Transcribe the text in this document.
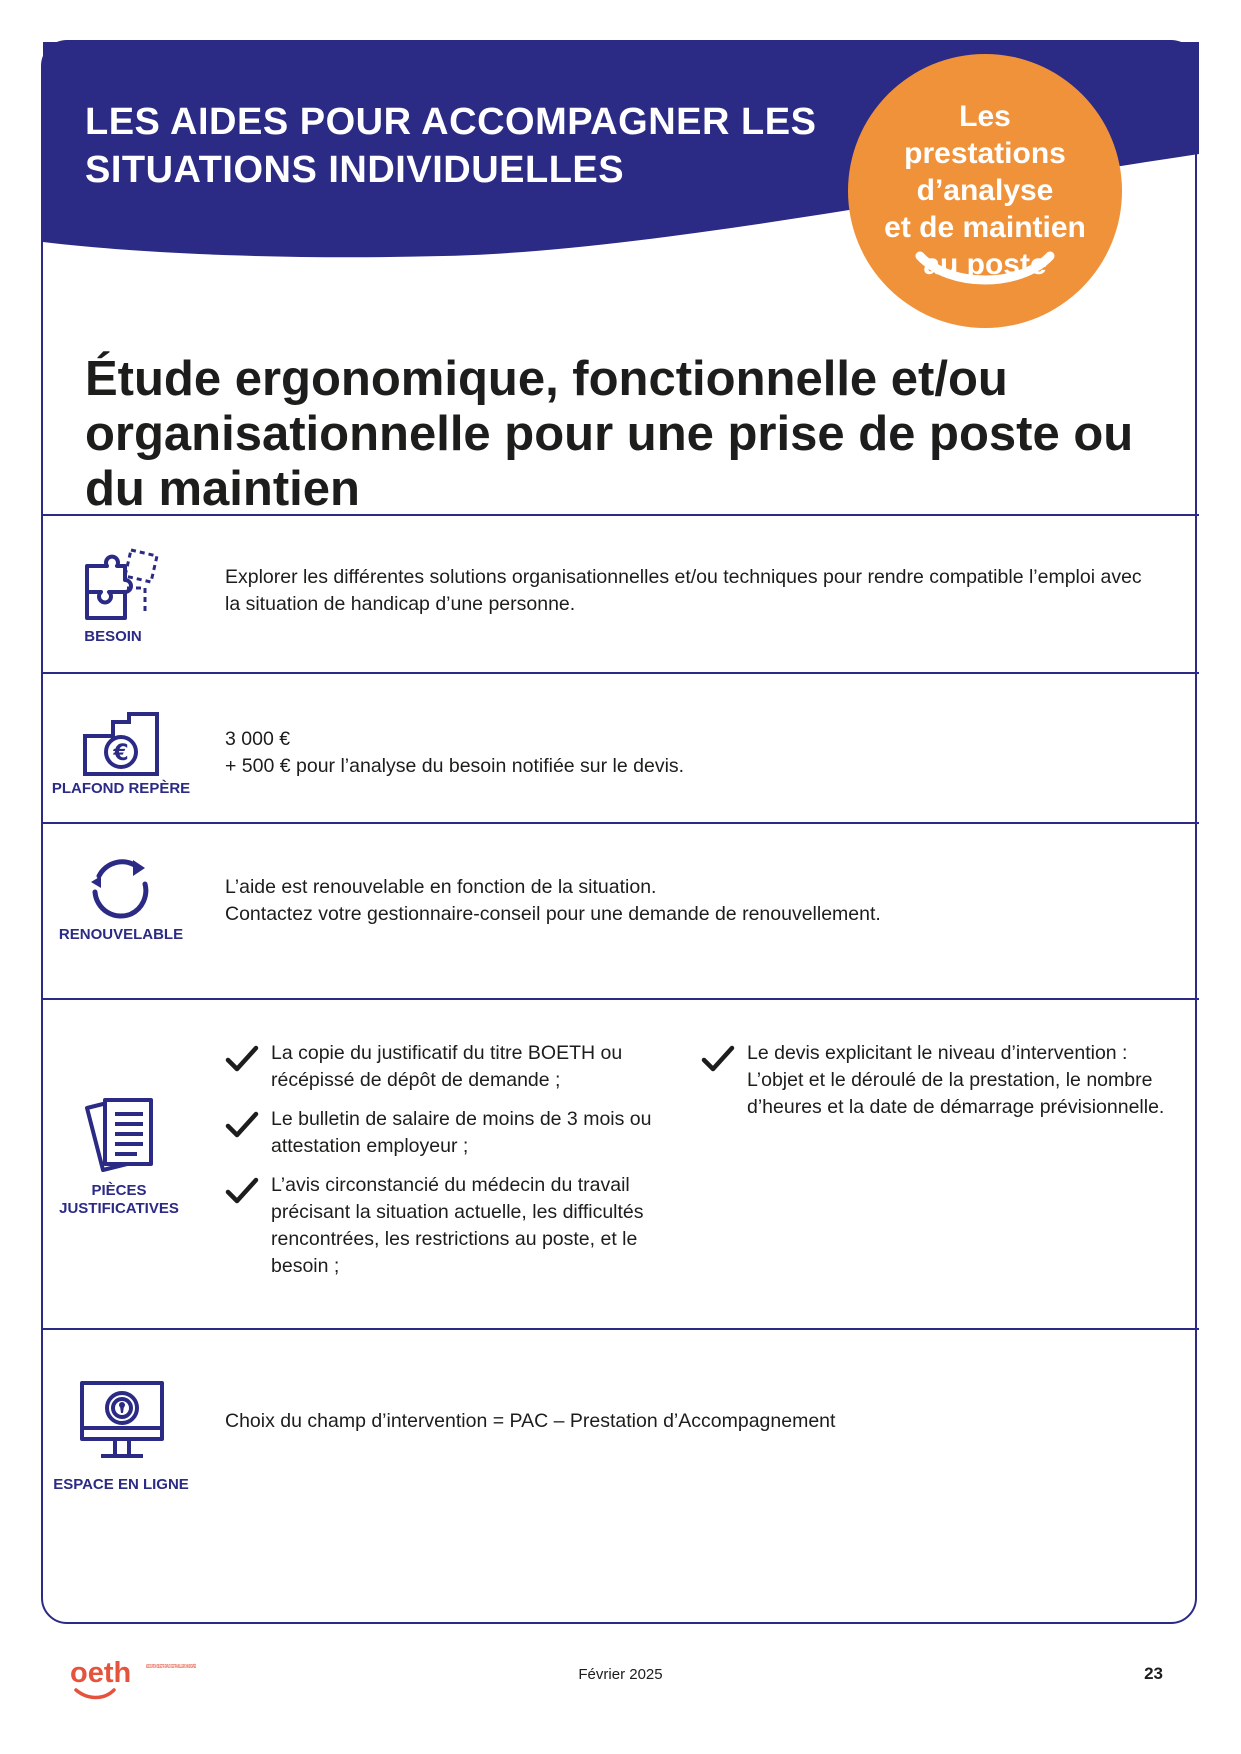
LES AIDES POUR ACCOMPAGNER LES SITUATIONS INDIVIDUELLES
Étude ergonomique, fonctionnelle et/ou organisationnelle pour une prise de poste ou du maintien
BESOIN
Explorer les différentes solutions organisationnelles et/ou techniques pour rendre compatible l’emploi avec la situation de handicap d’une personne.
€
PLAFOND REPÈRE

3 000 €

+ 500 € pour l’analyse du besoin notifiée sur le devis.

RENOUVELABLE

L’aide est renouvelable en fonction de la situation.

Contactez votre gestionnaire-conseil pour une demande de renouvellement.

PIÈCES
JUSTIFICATIVES
La copie du justificatif du titre BOETH ou récépissé de dépôt de demande ;
Le bulletin de salaire de moins de 3 mois ou attestation employeur ;
L’avis circonstancié du médecin du travail précisant la situation actuelle, les difficultés rencontrées, les restrictions au poste, et le besoin ;
Le devis explicitant le niveau d’intervention : L’objet et le déroulé de la prestation, le nombre d’heures et la date de démarrage prévisionnelle.
ESPACE EN LIGNE
Choix du champ d’intervention = PAC – Prestation d’Accompagnement

Les
prestations
d’analyse
et de maintien
au poste

oeth	ASSOCIATION OBJECTIF EMPLOI DES TRAVAILLEURS HANDICAPÉS	Février 2025	23
